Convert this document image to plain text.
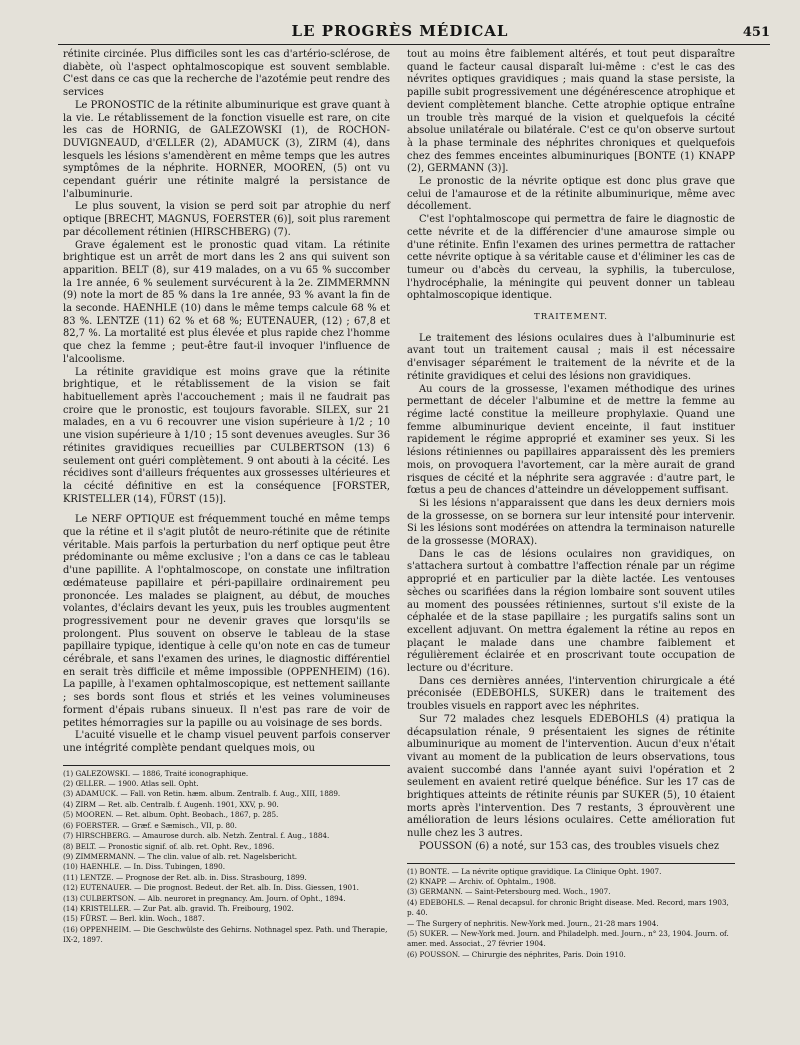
LE PROGRÈS MÉDICAL	451

rétinite circinée. Plus difficiles sont les cas d'artério-sclérose, de diabète, où l'aspect ophtalmoscopique est souvent semblable. C'est dans ce cas que la recherche de l'azotémie peut rendre des services

Le PRONOSTIC de la rétinite albuminurique est grave quant à la vie. Le rétablissement de la fonction visuelle est rare, on cite les cas de HORNIG, de GALEZOWSKI (1), de ROCHON-DUVIGNEAUD, d'ŒLLER (2), ADAMUCK (3), ZIRM (4), dans lesquels les lésions s'amendèrent en même temps que les autres symptômes de la néphrite. HORNER, MOOREN, (5) ont vu cependant guérir une rétinite malgré la persistance de l'albuminurie.

Le plus souvent, la vision se perd soit par atrophie du nerf optique [BRECHT, MAGNUS, FOERSTER (6)], soit plus rarement par décollement rétinien (HIRSCHBERG) (7).

Grave également est le pronostic quad vitam. La rétinite brightique est un arrêt de mort dans les 2 ans qui suivent son apparition. BELT (8), sur 419 malades, on a vu 65 % succomber la 1re année, 6 % seulement survécurent à la 2e. ZIMMERMNN (9) note la mort de 85 % dans la 1re année, 93 % avant la fin de la seconde. HAENHLE (10) dans le même temps calcule 68 % et 83 %. LENTZE (11) 62 % et 68 %; EUTENAUER, (12) ; 67,8 et 82,7 %. La mortalité est plus élevée et plus rapide chez l'homme que chez la femme ; peut-être faut-il invoquer l'influence de l'alcoolisme.

La rétinite gravidique est moins grave que la rétinite brightique, et le rétablissement de la vision se fait habituellement après l'accouchement ; mais il ne faudrait pas croire que le pronostic, est toujours favorable. SILEX, sur 21 malades, en a vu 6 recouvrer une vision supérieure à 1/2 ; 10 une vision supérieure à 1/10 ; 15 sont devenues aveugles. Sur 36 rétinites gravidiques recueillies par CULBERTSON (13) 6 seulement ont guéri complètement. 9 ont abouti à la cécité. Les récidives sont d'ailleurs fréquentes aux grossesses ultérieures et la cécité définitive en est la conséquence [FORSTER, KRISTELLER (14), FÜRST (15)].

Le NERF OPTIQUE est fréquemment touché en même temps que la rétine et il s'agit plutôt de neuro-rétinite que de rétinite véritable. Mais parfois la perturbation du nerf optique peut être prédominante ou même exclusive ; l'on a dans ce cas le tableau d'une papillite. A l'ophtalmoscope, on constate une infiltration œdémateuse papillaire et péri-papillaire ordinairement peu prononcée. Les malades se plaignent, au début, de mouches volantes, d'éclairs devant les yeux, puis les troubles augmentent progressivement pour ne devenir graves que lorsqu'ils se prolongent. Plus souvent on observe le tableau de la stase papillaire typique, identique à celle qu'on note en cas de tumeur cérébrale, et sans l'examen des urines, le diagnostic différentiel en serait très difficile et même impossible (OPPENHEIM) (16). La papille, à l'examen ophtalmoscopique, est nettement saillante ; ses bords sont flous et striés et les veines volumineuses forment d'épais rubans sinueux. Il n'est pas rare de voir de petites hémorragies sur la papille ou au voisinage de ses bords.

L'acuité visuelle et le champ visuel peuvent parfois conserver une intégrité complète pendant quelques mois, ou

(1) GALEZOWSKI. — 1886, Traité iconographique.
(2) ŒLLER. — 1900. Atlas sell. Opht.
(3) ADAMUCK. — Fall. von Retin. hæm. album. Zentralb. f. Aug., XIII, 1889.
(4) ZIRM — Ret. alb. Centralb. f. Augenh. 1901, XXV, p. 90.
(5) MOOREN. — Ret. album. Opht. Beobach., 1867, p. 285.
(6) FOERSTER. — Græf. e Sæmisch., VII, p. 80.
(7) HIRSCHBERG. — Amaurose durch. alb. Netzh. Zentral. f. Aug., 1884.
(8) BELT. — Pronostic signif. of. alb. ret. Opht. Rev., 1896.
(9) ZIMMERMANN. — The clin. value of alb. ret. Nagelsbericht.
(10) HAENHLE. — In. Diss. Tubingen, 1890.
(11) LENTZE. — Prognose der Ret. alb. in. Diss. Strasbourg, 1899.
(12) EUTENAUER. — Die prognost. Bedeut. der Ret. alb. In. Diss. Giessen, 1901.
(13) CULBERTSON. — Alb. neuroret in pregnancy. Am. Journ. of Opht., 1894.
(14) KRISTELLER. — Zur Pat. alb. gravid. Th. Freibourg, 1902.
(15) FÜRST. — Berl. klin. Woch., 1887.
(16) OPPENHEIM. — Die Geschwülste des Gehirns. Nothnagel spez. Path. und Therapie, IX-2, 1897.

tout au moins être faiblement altérés, et tout peut disparaître quand le facteur causal disparaît lui-même : c'est le cas des névrites optiques gravidiques ; mais quand la stase persiste, la papille subit progressivement une dégénérescence atrophique et devient complètement blanche. Cette atrophie optique entraîne un trouble très marqué de la vision et quelquefois la cécité absolue unilatérale ou bilatérale. C'est ce qu'on observe surtout à la phase terminale des néphrites chroniques et quelquefois chez des femmes enceintes albuminuriques [BONTE (1) KNAPP (2), GERMANN (3)].

Le pronostic de la névrite optique est donc plus grave que celui de l'amaurose et de la rétinite albuminurique, même avec décollement.

C'est l'ophtalmoscope qui permettra de faire le diagnostic de cette névrite et de la différencier d'une amaurose simple ou d'une rétinite. Enfin l'examen des urines permettra de rattacher cette névrite optique à sa véritable cause et d'éliminer les cas de tumeur ou d'abcès du cerveau, la syphilis, la tuberculose, l'hydrocéphalie, la méningite qui peuvent donner un tableau ophtalmoscopique identique.

TRAITEMENT.

Le traitement des lésions oculaires dues à l'albuminurie est avant tout un traitement causal ; mais il est nécessaire d'envisager séparément le traitement de la névrite et de la rétinite gravidiques et celui des lésions non gravidiques.

Au cours de la grossesse, l'examen méthodique des urines permettant de déceler l'albumine et de mettre la femme au régime lacté constitue la meilleure prophylaxie. Quand une femme albuminurique devient enceinte, il faut instituer rapidement le régime approprié et examiner ses yeux. Si les lésions rétiniennes ou papillaires apparaissent dès les premiers mois, on provoquera l'avortement, car la mère aurait de grand risques de cécité et la néphrite sera aggravée : d'autre part, le fœtus a peu de chances d'atteindre un développement suffisant.

Si les lésions n'apparaissent que dans les deux derniers mois de la grossesse, on se bornera sur leur intensité pour intervenir. Si les lésions sont modérées on attendra la terminaison naturelle de la grossesse (MORAX).

Dans le cas de lésions oculaires non gravidiques, on s'attachera surtout à combattre l'affection rénale par un régime approprié et en particulier par la diète lactée. Les ventouses sèches ou scarifiées dans la région lombaire sont souvent utiles au moment des poussées rétiniennes, surtout s'il existe de la céphalée et de la stase papillaire ; les purgatifs salins sont un excellent adjuvant. On mettra également la rétine au repos en plaçant le malade dans une chambre faiblement et régulièrement éclairée et en proscrivant toute occupation de lecture ou d'écriture.

Dans ces dernières années, l'intervention chirurgicale a été préconisée (EDEBOHLS, SUKER) dans le traitement des troubles visuels en rapport avec les néphrites.

Sur 72 malades chez lesquels EDEBOHLS (4) pratiqua la décapsulation rénale, 9 présentaient les signes de rétinite albuminurique au moment de l'intervention. Aucun d'eux n'était vivant au moment de la publication de leurs observations, tous avaient succombé dans l'année ayant suivi l'opération et 2 seulement en avaient retiré quelque bénéfice. Sur les 17 cas de brightiques atteints de rétinite réunis par SUKER (5), 10 étaient morts après l'intervention. Des 7 restants, 3 éprouvèrent une amélioration de leurs lésions oculaires. Cette amélioration fut nulle chez les 3 autres.

POUSSON (6) a noté, sur 153 cas, des troubles visuels chez

(1) BONTE. — La névrite optique gravidique. La Clinique Opht. 1907.
(2) KNAPP. — Archiv. of. Ophtalm., 1908.
(3) GERMANN. — Saint-Petersbourg med. Woch., 1907.
(4) EDEBOHLS. — Renal decapsul. for chronic Bright disease. Med. Record, mars 1903, p. 40.
— The Surgery of nephritis. New-York med. Journ., 21-28 mars 1904.
(5) SUKER. — New-York med. Journ. and Philadelph. med. Journ., n° 23, 1904. Journ. of. amer. med. Associat., 27 février 1904.
(6) POUSSON. — Chirurgie des néphrites, Paris. Doin 1910.
